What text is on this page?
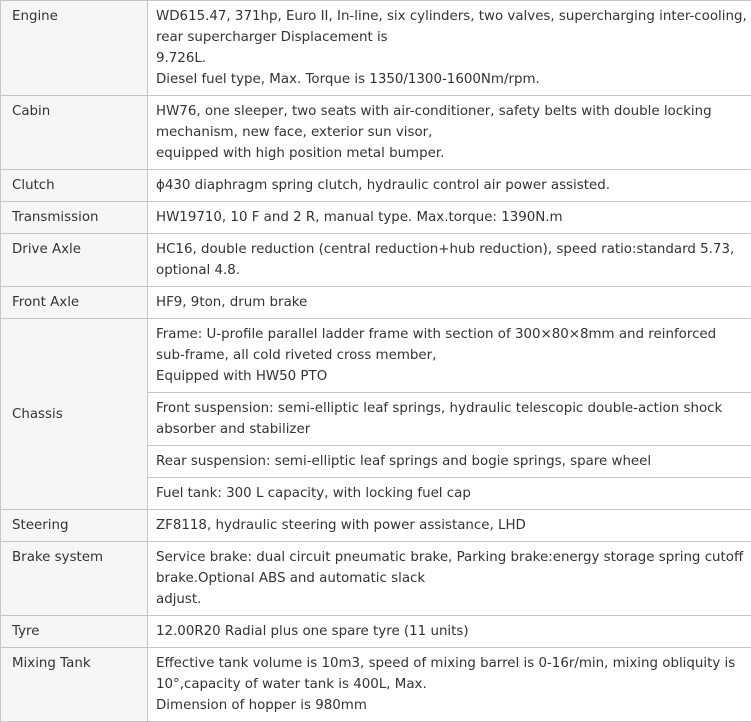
Engine	WD615.47, 371hp, Euro II, In-line, six cylinders, two valves, supercharging inter-cooling,
rear supercharger Displacement is
9.726L.
Diesel fuel type, Max. Torque is 1350/1300-1600Nm/rpm.

Cabin	HW76, one sleeper, two seats with air-conditioner, safety belts with double locking
mechanism, new face, exterior sun visor,
equipped with high position metal bumper.

Clutch	ɸ430 diaphragm spring clutch, hydraulic control air power assisted.

Transmission	HW19710, 10 F and 2 R, manual type. Max.torque: 1390N.m

Drive Axle	HC16, double reduction (central reduction+hub reduction), speed ratio:standard 5.73,
optional 4.8.

Front Axle	HF9, 9ton, drum brake

Chassis	Frame: U-profile parallel ladder frame with section of 300×80×8mm and reinforced
sub-frame, all cold riveted cross member,
Equipped with HW50 PTO

	Front suspension: semi-elliptic leaf springs, hydraulic telescopic double-action shock
absorber and stabilizer

	Rear suspension: semi-elliptic leaf springs and bogie springs, spare wheel

	Fuel tank: 300 L capacity, with locking fuel cap

Steering	ZF8118, hydraulic steering with power assistance, LHD

Brake system	Service brake: dual circuit pneumatic brake, Parking brake:energy storage spring cutoff
brake.Optional ABS and automatic slack
adjust.

Tyre	12.00R20 Radial plus one spare tyre (11 units)

Mixing Tank	Effective tank volume is 10m3, speed of mixing barrel is 0-16r/min, mixing obliquity is
10°,capacity of water tank is 400L, Max.
Dimension of hopper is 980mm
